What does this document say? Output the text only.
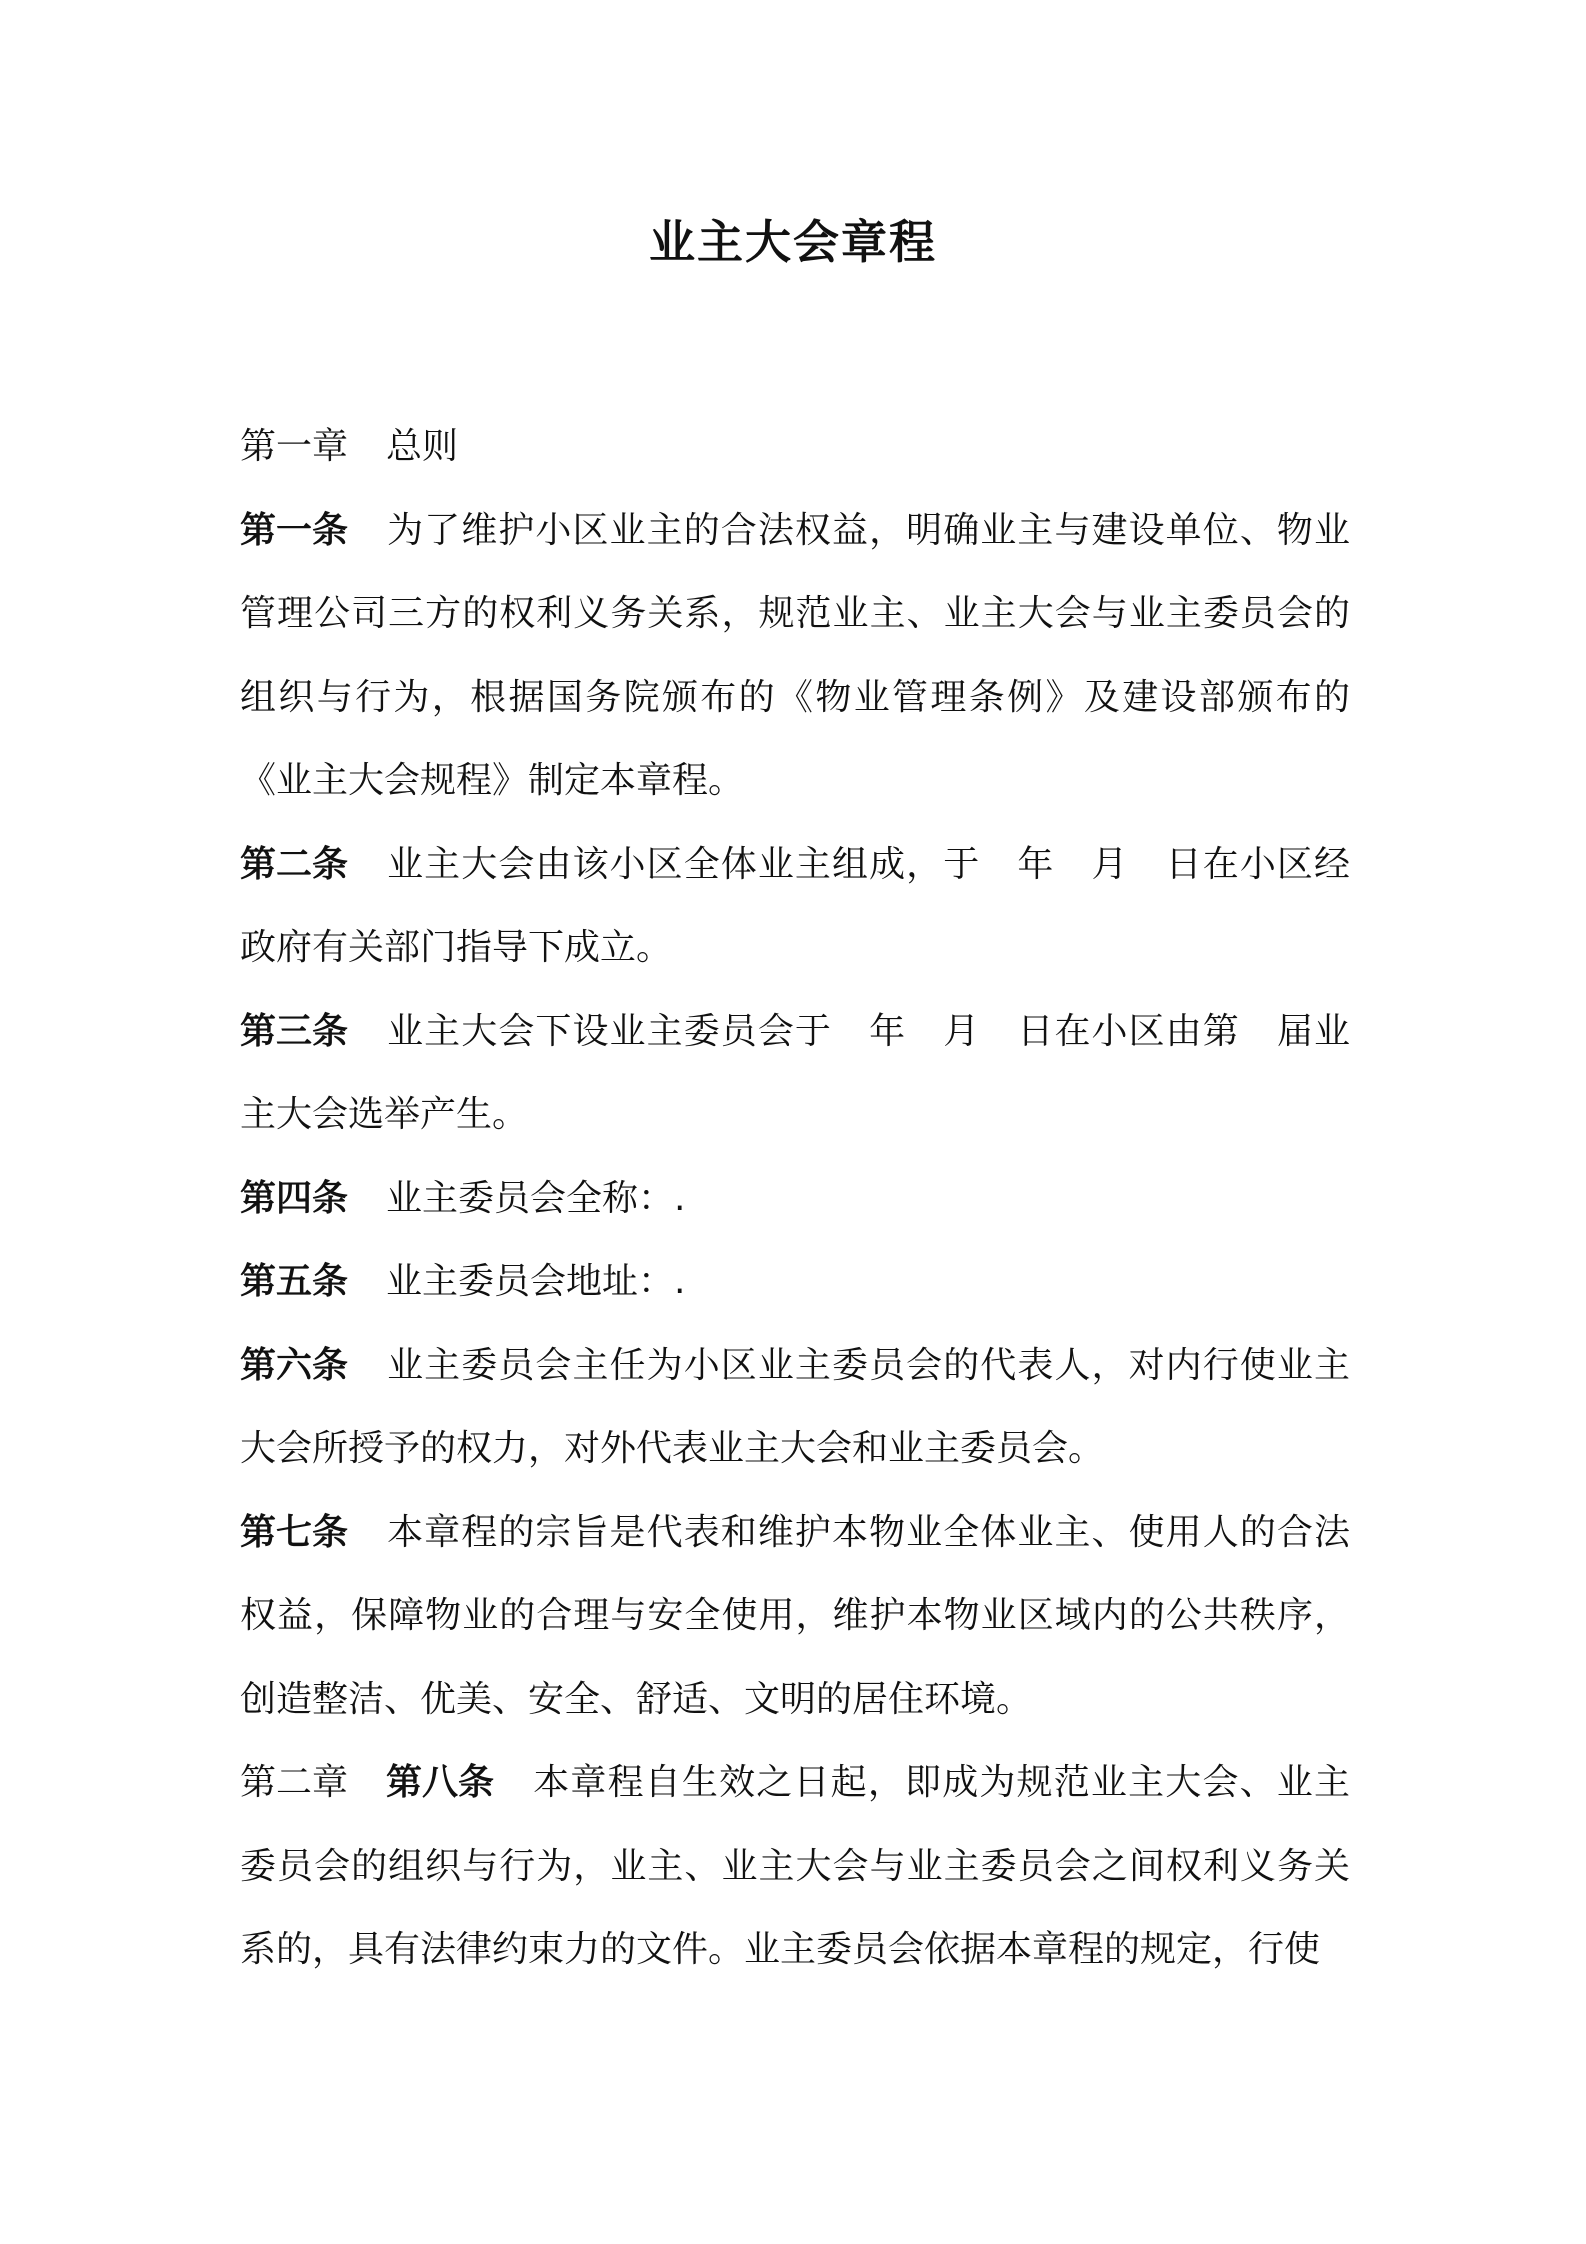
业主大会章程

第一章 总则

第一条 为了维护小区业主的合法权益，明确业主与建设单位、物业管理公司三方的权利义务关系，规范业主、业主大会与业主委员会的组织与行为，根据国务院颁布的《物业管理条例》及建设部颁布的《业主大会规程》制定本章程。

第二条 业主大会由该小区全体业主组成，于　年　月　日在小区经政府有关部门指导下成立。

第三条 业主大会下设业主委员会于　年　月　日在小区由第　届业主大会选举产生。

第四条 业主委员会全称：.

第五条 业主委员会地址：.

第六条 业主委员会主任为小区业主委员会的代表人，对内行使业主大会所授予的权力，对外代表业主大会和业主委员会。

第七条 本章程的宗旨是代表和维护本物业全体业主、使用人的合法权益，保障物业的合理与安全使用，维护本物业区域内的公共秩序，创造整洁、优美、安全、舒适、文明的居住环境。

第二章 第八条 本章程自生效之日起，即成为规范业主大会、业主委员会的组织与行为，业主、业主大会与业主委员会之间权利义务关系的，具有法律约束力的文件。业主委员会依据本章程的规定，行使
